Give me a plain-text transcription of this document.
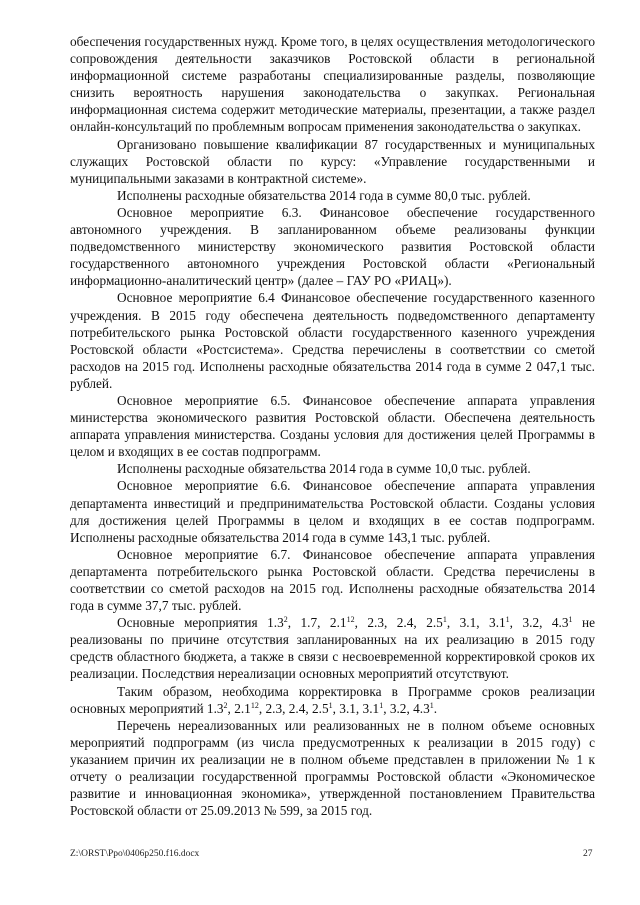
обеспечения государственных нужд. Кроме того, в целях осуществления методологического сопровождения деятельности заказчиков Ростовской области в региональной информационной системе разработаны специализированные разделы, позволяющие снизить вероятность нарушения законодательства о закупках. Региональная информационная система содержит методические материалы, презентации, а также раздел онлайн-консультаций по проблемным вопросам применения законодательства о закупках.

Организовано повышение квалификации 87 государственных и муниципальных служащих Ростовской области по курсу: «Управление государственными и муниципальными заказами в контрактной системе».

Исполнены расходные обязательства 2014 года в сумме 80,0 тыс. рублей.

Основное мероприятие 6.3. Финансовое обеспечение государственного автономного учреждения. В запланированном объеме реализованы функции подведомственного министерству экономического развития Ростовской области государственного автономного учреждения Ростовской области «Региональный информационно-аналитический центр» (далее – ГАУ РО «РИАЦ»).

Основное мероприятие 6.4 Финансовое обеспечение государственного казенного учреждения. В 2015 году обеспечена деятельность подведомственного департаменту потребительского рынка Ростовской области государственного казенного учреждения Ростовской области «Ростсистема». Средства перечислены в соответствии со сметой расходов на 2015 год. Исполнены расходные обязательства 2014 года в сумме 2 047,1 тыс. рублей.

Основное мероприятие 6.5. Финансовое обеспечение аппарата управления министерства экономического развития Ростовской области. Обеспечена деятельность аппарата управления министерства. Созданы условия для достижения целей Программы в целом и входящих в ее состав подпрограмм.

Исполнены расходные обязательства 2014 года в сумме 10,0 тыс. рублей.

Основное мероприятие 6.6. Финансовое обеспечение аппарата управления департамента инвестиций и предпринимательства Ростовской области. Созданы условия для достижения целей Программы в целом и входящих в ее состав подпрограмм. Исполнены расходные обязательства 2014 года в сумме 143,1 тыс. рублей.

Основное мероприятие 6.7. Финансовое обеспечение аппарата управления департамента потребительского рынка Ростовской области. Средства перечислены в соответствии со сметой расходов на 2015 год. Исполнены расходные обязательства 2014 года в сумме 37,7 тыс. рублей.

Основные мероприятия $1.3^2$, 1.7, $2.1^{12}$, 2.3, 2.4, $2.5^1$, 3.1, $3.1^1$, 3.2, $4.3^1$ не реализованы по причине отсутствия запланированных на их реализацию в 2015 году средств областного бюджета, а также в связи с несвоевременной корректировкой сроков их реализации. Последствия нереализации основных мероприятий отсутствуют.

Таким образом, необходима корректировка в Программе сроков реализации основных мероприятий $1.3^2$, $2.1^{12}$, 2.3, 2.4, $2.5^1$, 3.1, $3.1^1$, 3.2, $4.3^1$.

Перечень нереализованных или реализованных не в полном объеме основных мероприятий подпрограмм (из числа предусмотренных к реализации в 2015 году) с указанием причин их реализации не в полном объеме представлен в приложении № 1 к отчету о реализации государственной программы Ростовской области «Экономическое развитие и инновационная экономика», утвержденной постановлением Правительства Ростовской области от 25.09.2013 № 599, за 2015 год.

Z:\ORST\Ppo\0406p250.f16.docx	27
